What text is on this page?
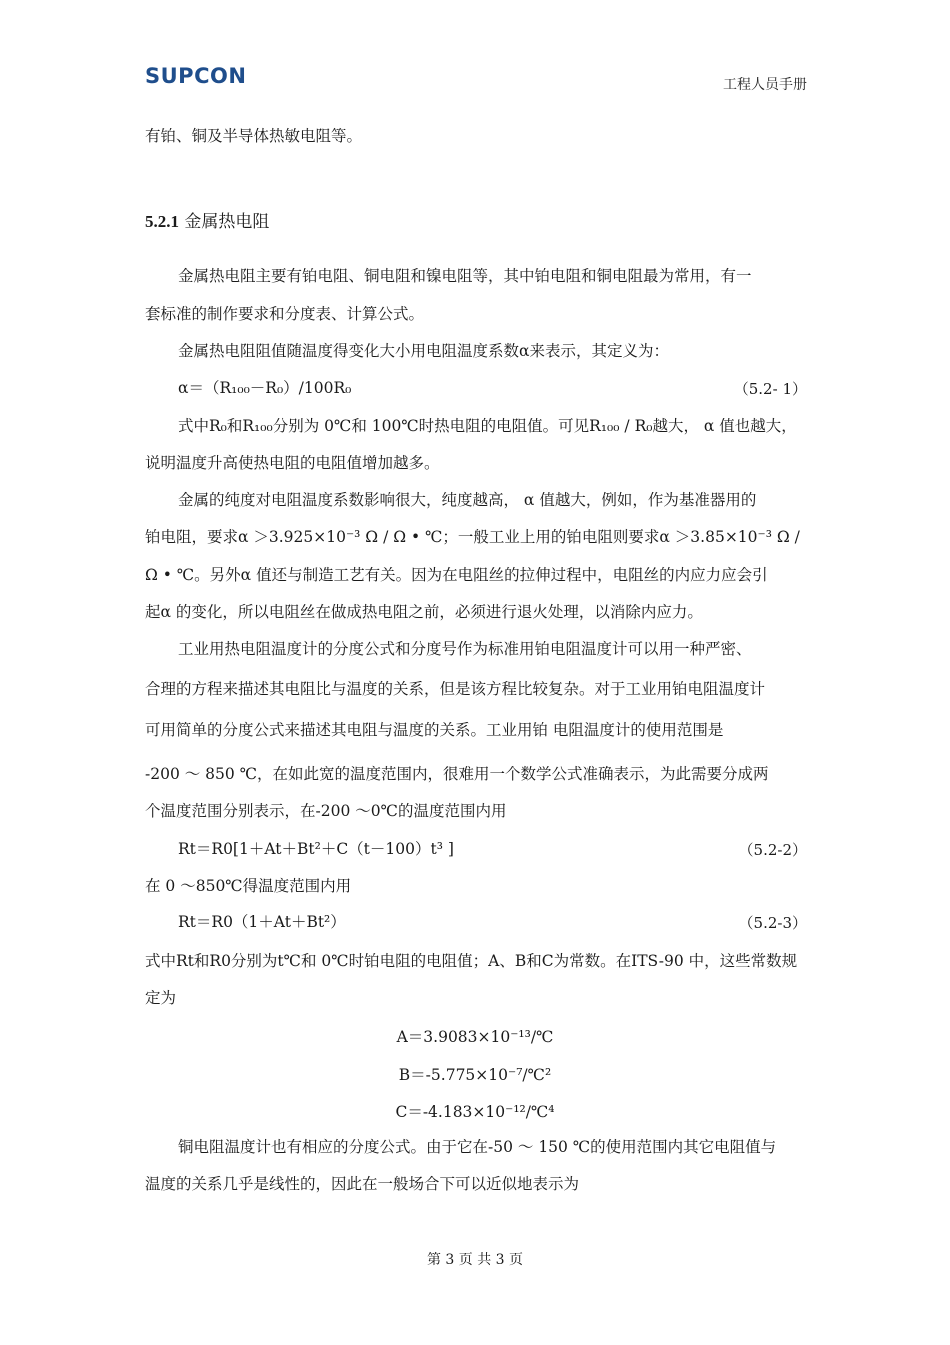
SUPCON	工程人员手册
有铂、铜及半导体热敏电阻等。
5.2.1 金属热电阻
金属热电阻主要有铂电阻、铜电阻和镍电阻等，其中铂电阻和铜电阻最为常用，有一
套标准的制作要求和分度表、计算公式。
金属热电阻阻值随温度得变化大小用电阻温度系数α来表示，其定义为：
α＝（R₁₀₀－R₀）/100R₀	（5.2- 1）
式中R₀和R₁₀₀分别为 0℃和 100℃时热电阻的电阻值。可见R₁₀₀ / R₀越大， α 值也越大，
说明温度升高使热电阻的电阻值增加越多。
金属的纯度对电阻温度系数影响很大，纯度越高， α 值越大，例如，作为基准器用的
铂电阻，要求α ＞3.925×10⁻³ Ω / Ω • ℃；一般工业上用的铂电阻则要求α ＞3.85×10⁻³ Ω /
Ω • ℃。另外α 值还与制造工艺有关。因为在电阻丝的拉伸过程中，电阻丝的内应力应会引
起α 的变化，所以电阻丝在做成热电阻之前，必须进行退火处理，以消除内应力。
工业用热电阻温度计的分度公式和分度号作为标准用铂电阻温度计可以用一种严密、
合理的方程来描述其电阻比与温度的关系，但是该方程比较复杂。对于工业用铂电阻温度计
可用简单的分度公式来描述其电阻与温度的关系。工业用铂 电阻温度计的使用范围是
-200 ～ 850 ℃，在如此宽的温度范围内，很难用一个数学公式准确表示，为此需要分成两
个温度范围分别表示，在-200 ～0℃的温度范围内用
Rt＝R0[1＋At＋Bt²＋C（t－100）t³ ]	（5.2-2）
在 0 ～850℃得温度范围内用
Rt＝R0（1＋At＋Bt²）	（5.2-3）
式中Rt和R0分别为t℃和 0℃时铂电阻的电阻值；A、B和C为常数。在ITS-90 中，这些常数规
定为
A＝3.9083×10⁻¹³/℃
B＝-5.775×10⁻⁷/℃²
C＝-4.183×10⁻¹²/℃⁴
铜电阻温度计也有相应的分度公式。由于它在-50 ～ 150 ℃的使用范围内其它电阻值与
温度的关系几乎是线性的，因此在一般场合下可以近似地表示为
第 3 页 共 3 页
